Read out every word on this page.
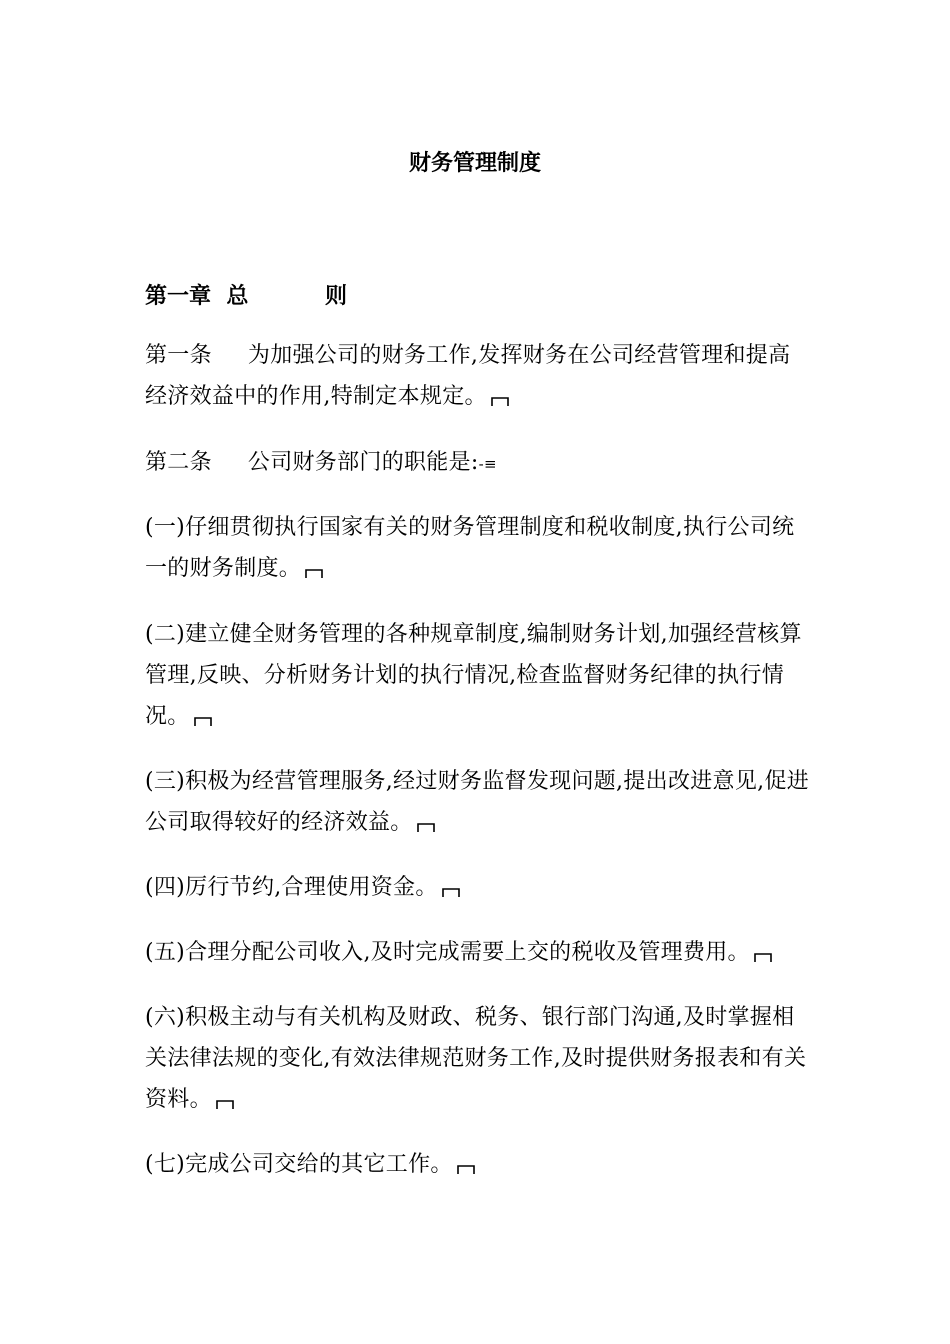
财务管理制度
第一章 总	则
第一条 为加强公司的财务工作,发挥财务在公司经营管理和提高经济效益中的作用,特制定本规定。
第二条 公司财务部门的职能是:-≡
(一)仔细贯彻执行国家有关的财务管理制度和税收制度,执行公司统一的财务制度。
(二)建立健全财务管理的各种规章制度,编制财务计划,加强经营核算管理,反映、分析财务计划的执行情况,检查监督财务纪律的执行情况。
(三)积极为经营管理服务,经过财务监督发现问题,提出改进意见,促进公司取得较好的经济效益。
(四)厉行节约,合理使用资金。
(五)合理分配公司收入,及时完成需要上交的税收及管理费用。
(六)积极主动与有关机构及财政、税务、银行部门沟通,及时掌握相关法律法规的变化,有效法律规范财务工作,及时提供财务报表和有关资料。
(七)完成公司交给的其它工作。
